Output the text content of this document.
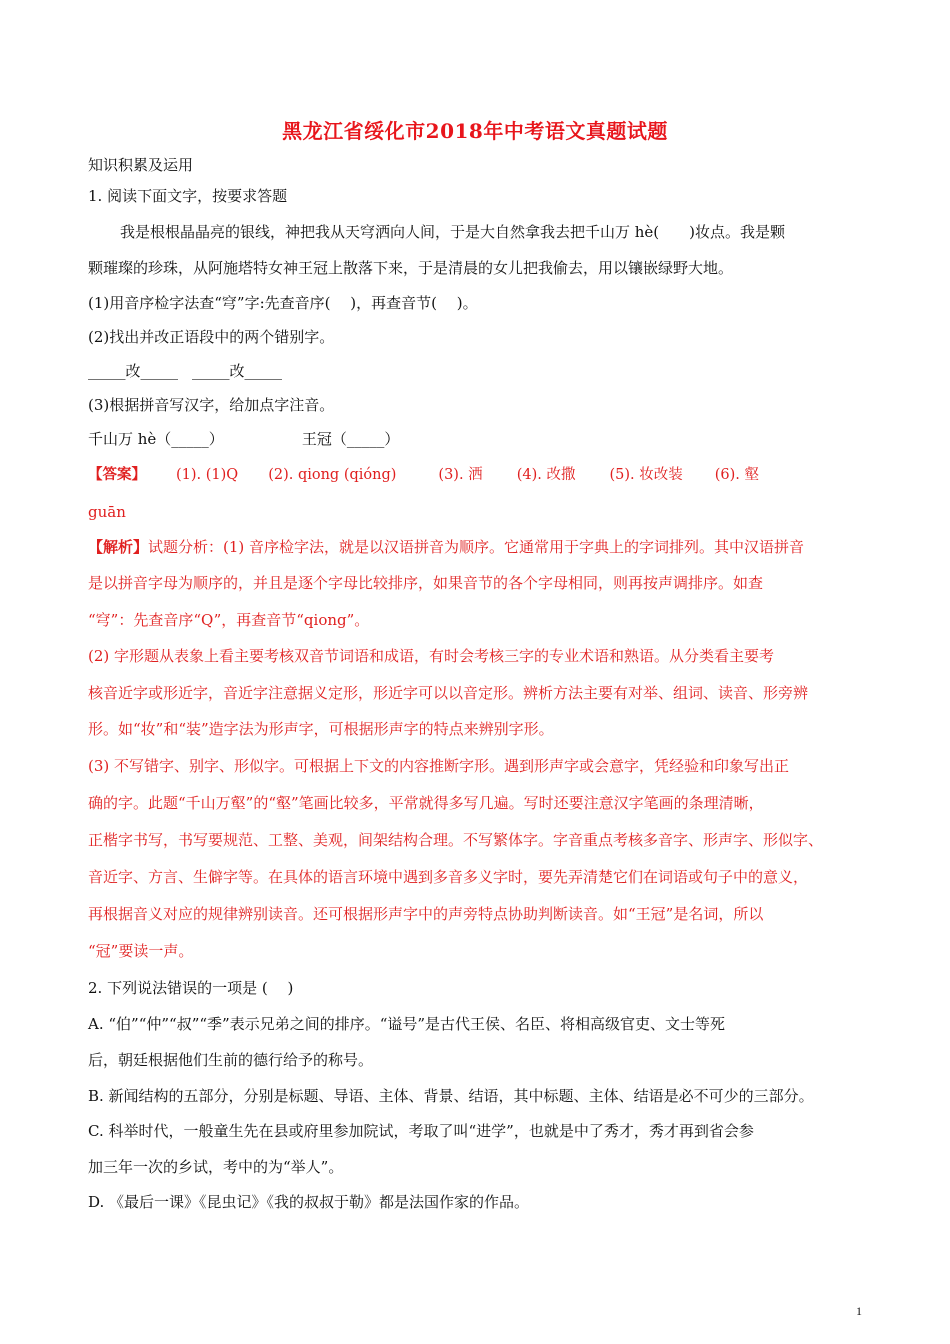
黑龙江省绥化市2018年中考语文真题试题
知识积累及运用
1. 阅读下面文字，按要求答题
我是根根晶晶亮的银线，神把我从天穹洒向人间，于是大自然拿我去把千山万 hè(　　)妆点。我是颗
颗璀璨的珍珠，从阿施塔特女神王冠上散落下来，于是清晨的女儿把我偷去，用以镶嵌绿野大地。
(1)用音序检字法查“穹”字:先查音序(　 )，再查音节(　 )。
(2)找出并改正语段中的两个错别字。
_____改_____ _____改_____
(3)根据拼音写汉字，给加点字注音。
千山万 hè（_____）	王冠（_____）
【答案】 (1). (1)Q (2). qiong (qióng)	(3). 洒 (4). 改撒 (5). 妆改装 (6). 壑
guān
【解析】试题分析：(1) 音序检字法，就是以汉语拼音为顺序。它通常用于字典上的字词排列。其中汉语拼音
是以拼音字母为顺序的，并且是逐个字母比较排序，如果音节的各个字母相同，则再按声调排序。如查
“穹”：先查音序“Q”，再查音节“qiong”。
(2) 字形题从表象上看主要考核双音节词语和成语，有时会考核三字的专业术语和熟语。从分类看主要考
核音近字或形近字，音近字注意据义定形，形近字可以以音定形。辨析方法主要有对举、组词、读音、形旁辨
形。如“妆”和“装”造字法为形声字，可根据形声字的特点来辨别字形。
(3) 不写错字、别字、形似字。可根据上下文的内容推断字形。遇到形声字或会意字，凭经验和印象写出正
确的字。此题“千山万壑”的“壑”笔画比较多，平常就得多写几遍。写时还要注意汉字笔画的条理清晰，
正楷字书写，书写要规范、工整、美观，间架结构合理。不写繁体字。字音重点考核多音字、形声字、形似字、
音近字、方言、生僻字等。在具体的语言环境中遇到多音多义字时，要先弄清楚它们在词语或句子中的意义，
再根据音义对应的规律辨别读音。还可根据形声字中的声旁特点协助判断读音。如“王冠”是名词，所以
“冠”要读一声。
2. 下列说法错误的一项是 (　 )
A. “伯”“仲”“叔”“季”表示兄弟之间的排序。“谥号”是古代王侯、名臣、将相高级官吏、文士等死
后，朝廷根据他们生前的德行给予的称号。
B. 新闻结构的五部分，分别是标题、导语、主体、背景、结语，其中标题、主体、结语是必不可少的三部分。
C. 科举时代，一般童生先在县或府里参加院试，考取了叫“进学”，也就是中了秀才，秀才再到省会参
加三年一次的乡试，考中的为“举人”。
D. 《最后一课》《昆虫记》《我的叔叔于勒》都是法国作家的作品。
1
